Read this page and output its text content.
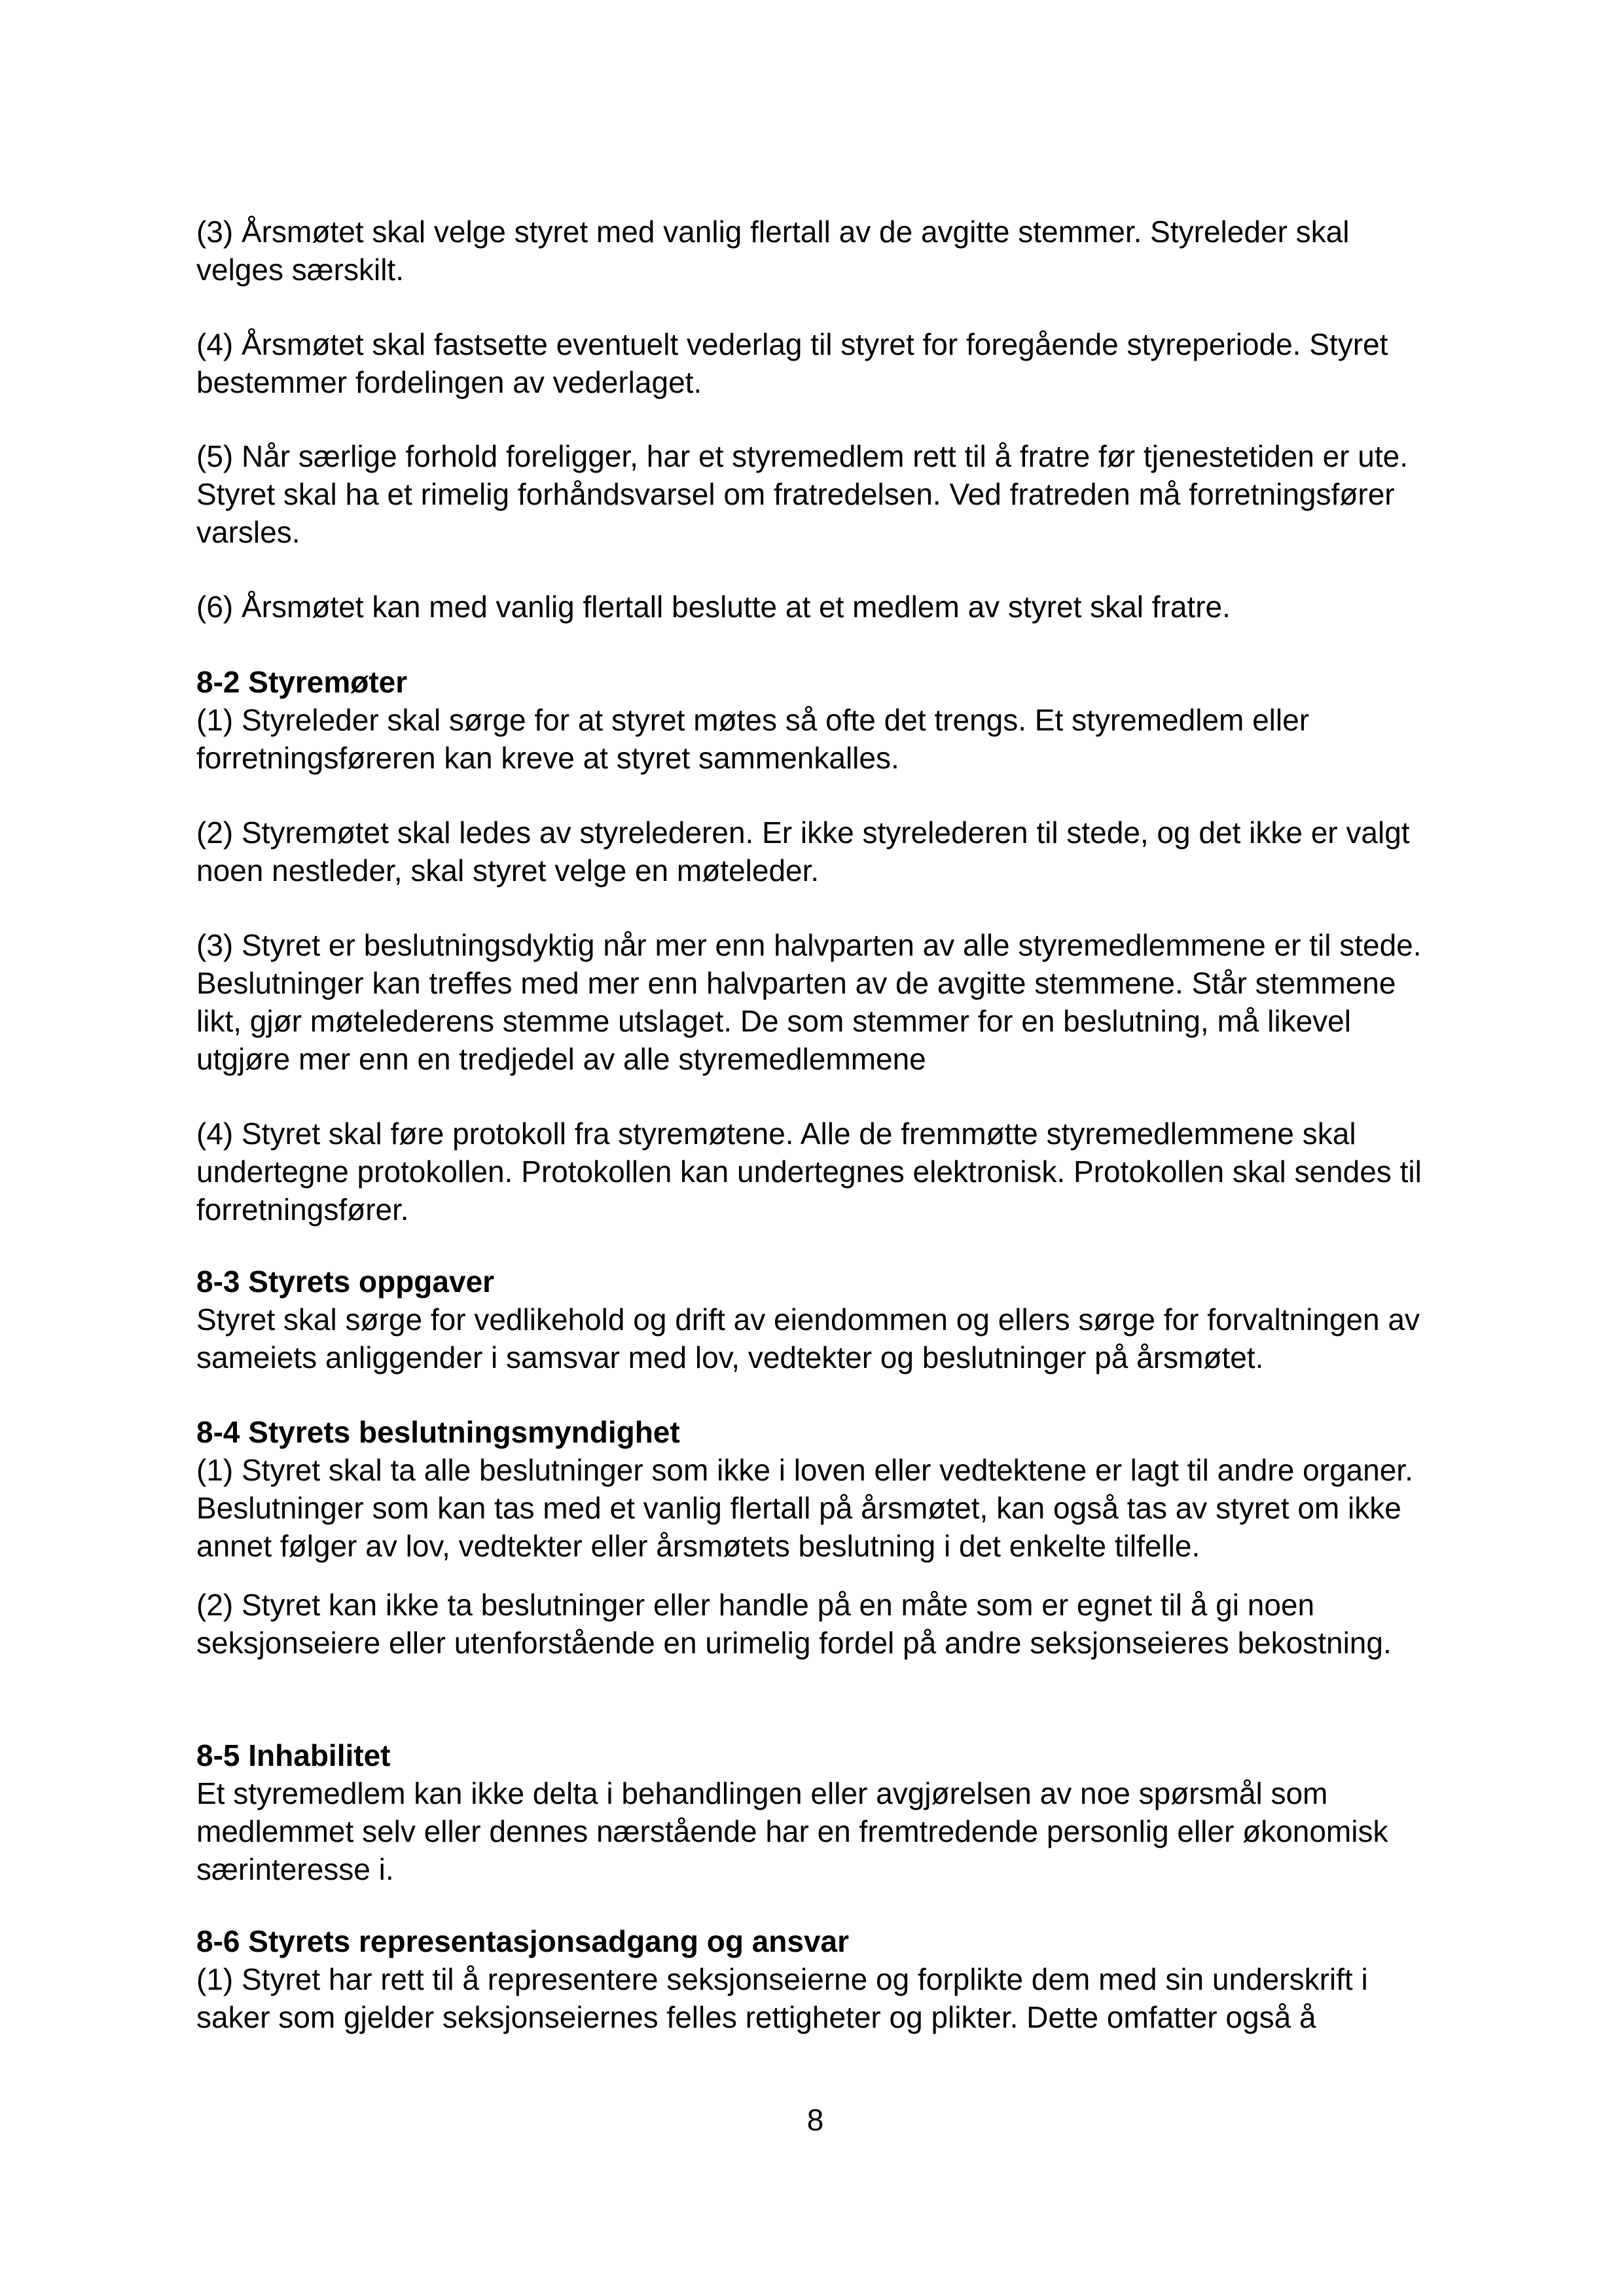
(3) Årsmøtet skal velge styret med vanlig flertall av de avgitte stemmer. Styreleder skal
velges særskilt.
(4) Årsmøtet skal fastsette eventuelt vederlag til styret for foregående styreperiode. Styret
bestemmer fordelingen av vederlaget.
(5) Når særlige forhold foreligger, har et styremedlem rett til å fratre før tjenestetiden er ute.
Styret skal ha et rimelig forhåndsvarsel om fratredelsen. Ved fratreden må forretningsfører
varsles.
(6) Årsmøtet kan med vanlig flertall beslutte at et medlem av styret skal fratre.
8-2 Styremøter
(1) Styreleder skal sørge for at styret møtes så ofte det trengs. Et styremedlem eller
forretningsføreren kan kreve at styret sammenkalles.
(2) Styremøtet skal ledes av styrelederen. Er ikke styrelederen til stede, og det ikke er valgt
noen nestleder, skal styret velge en møteleder.
(3) Styret er beslutningsdyktig når mer enn halvparten av alle styremedlemmene er til stede.
Beslutninger kan treffes med mer enn halvparten av de avgitte stemmene. Står stemmene
likt, gjør møtelederens stemme utslaget. De som stemmer for en beslutning, må likevel
utgjøre mer enn en tredjedel av alle styremedlemmene
(4) Styret skal føre protokoll fra styremøtene. Alle de fremmøtte styremedlemmene skal
undertegne protokollen. Protokollen kan undertegnes elektronisk. Protokollen skal sendes til
forretningsfører.
8-3 Styrets oppgaver
Styret skal sørge for vedlikehold og drift av eiendommen og ellers sørge for forvaltningen av
sameiets anliggender i samsvar med lov, vedtekter og beslutninger på årsmøtet.
8-4 Styrets beslutningsmyndighet
(1) Styret skal ta alle beslutninger som ikke i loven eller vedtektene er lagt til andre organer.
Beslutninger som kan tas med et vanlig flertall på årsmøtet, kan også tas av styret om ikke
annet følger av lov, vedtekter eller årsmøtets beslutning i det enkelte tilfelle.
(2) Styret kan ikke ta beslutninger eller handle på en måte som er egnet til å gi noen
seksjonseiere eller utenforstående en urimelig fordel på andre seksjonseieres bekostning.
8-5 Inhabilitet
Et styremedlem kan ikke delta i behandlingen eller avgjørelsen av noe spørsmål som
medlemmet selv eller dennes nærstående har en fremtredende personlig eller økonomisk
særinteresse i.
8-6 Styrets representasjonsadgang og ansvar
(1) Styret har rett til å representere seksjonseierne og forplikte dem med sin underskrift i
saker som gjelder seksjonseiernes felles rettigheter og plikter. Dette omfatter også å
8
